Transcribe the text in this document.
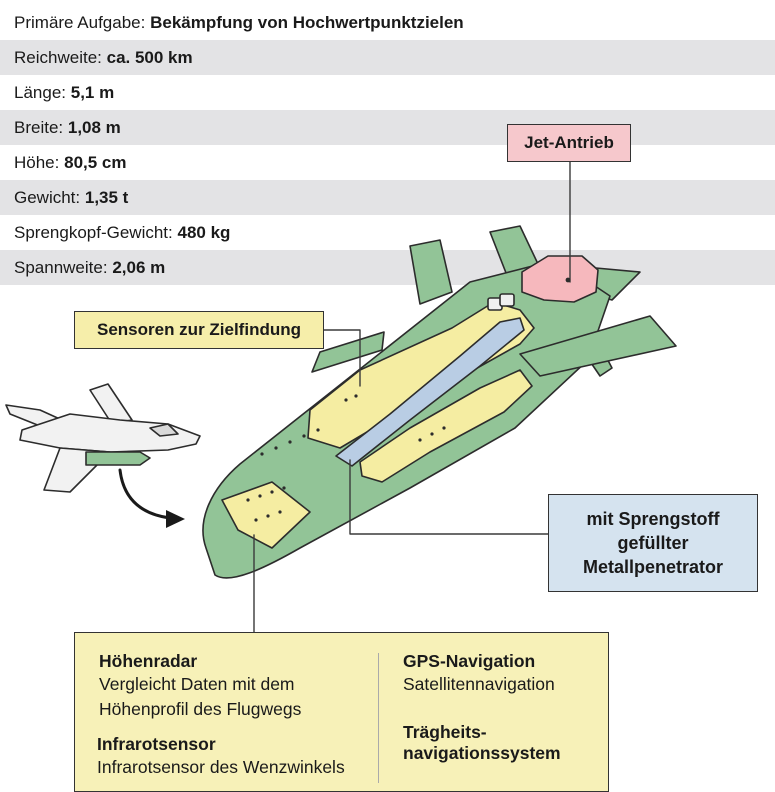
Primäre Aufgabe: Bekämpfung von Hochwertpunktzielen
Reichweite: ca. 500 km
Länge: 5,1 m
Breite: 1,08 m
Höhe: 80,5 cm
Gewicht: 1,35 t
Sprengkopf-Gewicht: 480 kg
Spannweite: 2,06 m
Jet-Antrieb
Sensoren zur Zielfindung
mit Sprengstoff gefüllter Metallpenetrator
Höhenradar
Vergleicht Daten mit dem
Höhenprofil des Flugwegs
Infrarotsensor
Infrarotsensor des Wenzwinkels
GPS-Navigation
Satellitennavigation
Trägheits-
navigationssystem
